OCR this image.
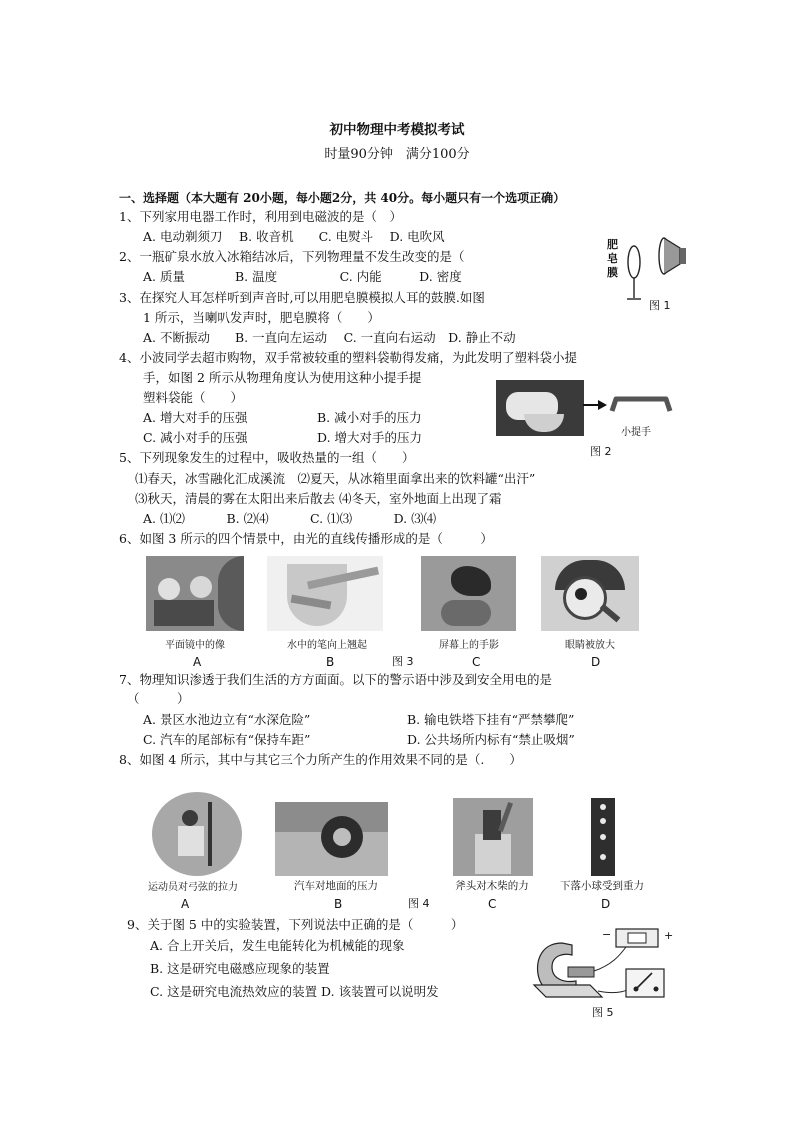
初中物理中考模拟考试
时量90分钟　满分100分
一、选择题（本大题有 20小题，每小题2分，共 40分。每小题只有一个选项正确）
1、下列家用电器工作时，利用到电磁波的是（　）
A. 电动剃须刀　 B. 收音机　　C. 电熨斗　 D. 电吹风
2、一瓶矿泉水放入冰箱结冰后，下列物理量不发生改变的是（
A. 质量　　　　B. 温度　　　　　C. 内能　　　D. 密度
3、在探究人耳怎样听到声音时,可以用肥皂膜模拟人耳的鼓膜.如图
1 所示，当喇叭发声时，肥皂膜将（　　）
A. 不断振动　　B. 一直向左运动　 C. 一直向右运动　D. 静止不动
肥皂膜
图 1
4、小波同学去超市购物，双手常被较重的塑料袋勒得发痛，为此发明了塑料袋小提
手，如图 2 所示从物理角度认为使用这种小提手提
塑料袋能（　　）
A. 增大对手的压强	B. 减小对手的压力
C. 减小对手的压强	D. 增大对手的压力	小提手
图 2
5、下列现象发生的过程中，吸收热量的一组（　　）
⑴春天，冰雪融化汇成溪流　⑵夏天，从冰箱里面拿出来的饮料罐“出汗”
⑶秋天，清晨的雾在太阳出来后散去 ⑷冬天，室外地面上出现了霜
A. ⑴⑵　　　 B. ⑵⑷　　　 C. ⑴⑶　　　 D. ⑶⑷
6、如图 3 所示的四个情景中，由光的直线传播形成的是（　　　）
平面镜中的像	水中的笔向上翘起	屏幕上的手影	眼睛被放大
A	B	图 3	C	D
7、物理知识渗透于我们生活的方方面面。以下的警示语中涉及到安全用电的是
（　　　）
A. 景区水池边立有“水深危险”	B. 输电铁塔下挂有“严禁攀爬”
C. 汽车的尾部标有“保持车距”	D. 公共场所内标有“禁止吸烟”
8、如图 4 所示，其中与其它三个力所产生的作用效果不同的是（.　　）
运动员对弓弦的拉力	汽车对地面的压力	斧头对木柴的力	下落小球受到重力
A	B	图 4	C	D
9、关于图 5 中的实验装置，下列说法中正确的是（　　　）
A. 合上开关后，发生电能转化为机械能的现象
B. 这是研究电磁感应现象的装置
C. 这是研究电流热效应的装置 D. 该装置可以说明发
−	+
图 5
